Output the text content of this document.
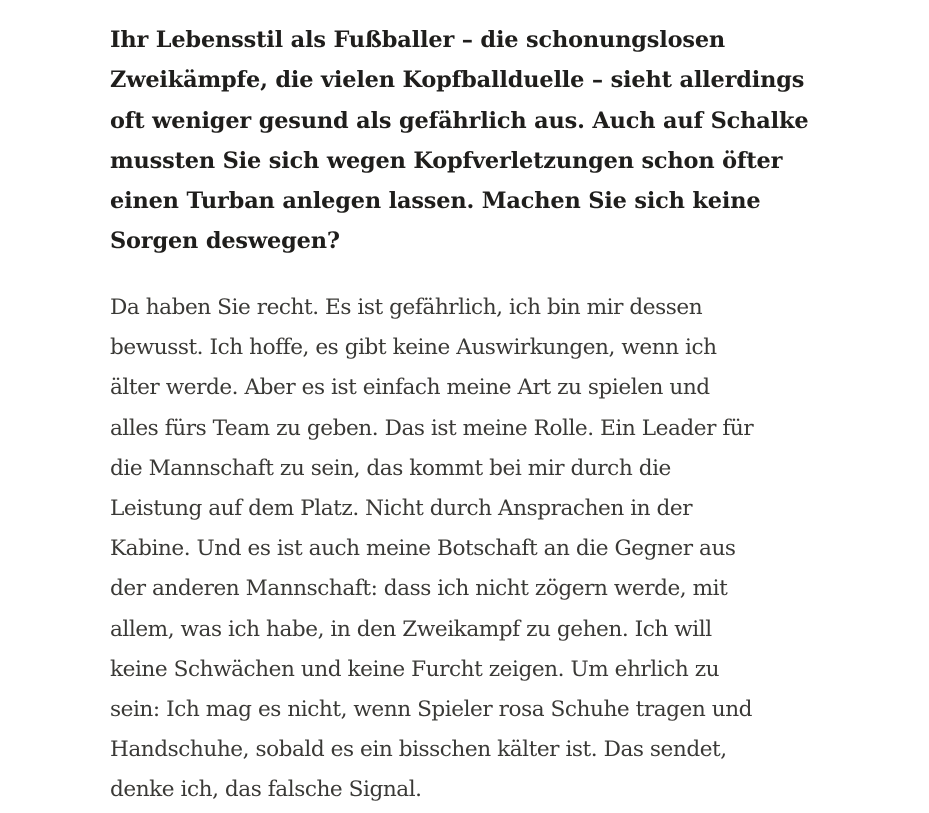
Ihr Lebensstil als Fußballer – die schonungslosen
Zweikämpfe, die vielen Kopfballduelle – sieht allerdings
oft weniger gesund als gefährlich aus. Auch auf Schalke
mussten Sie sich wegen Kopfverletzungen schon öfter
einen Turban anlegen lassen. Machen Sie sich keine
Sorgen deswegen?

Da haben Sie recht. Es ist gefährlich, ich bin mir dessen
bewusst. Ich hoffe, es gibt keine Auswirkungen, wenn ich
älter werde. Aber es ist einfach meine Art zu spielen und
alles fürs Team zu geben. Das ist meine Rolle. Ein Leader für
die Mannschaft zu sein, das kommt bei mir durch die
Leistung auf dem Platz. Nicht durch Ansprachen in der
Kabine. Und es ist auch meine Botschaft an die Gegner aus
der anderen Mannschaft: dass ich nicht zögern werde, mit
allem, was ich habe, in den Zweikampf zu gehen. Ich will
keine Schwächen und keine Furcht zeigen. Um ehrlich zu
sein: Ich mag es nicht, wenn Spieler rosa Schuhe tragen und
Handschuhe, sobald es ein bisschen kälter ist. Das sendet,
denke ich, das falsche Signal.
